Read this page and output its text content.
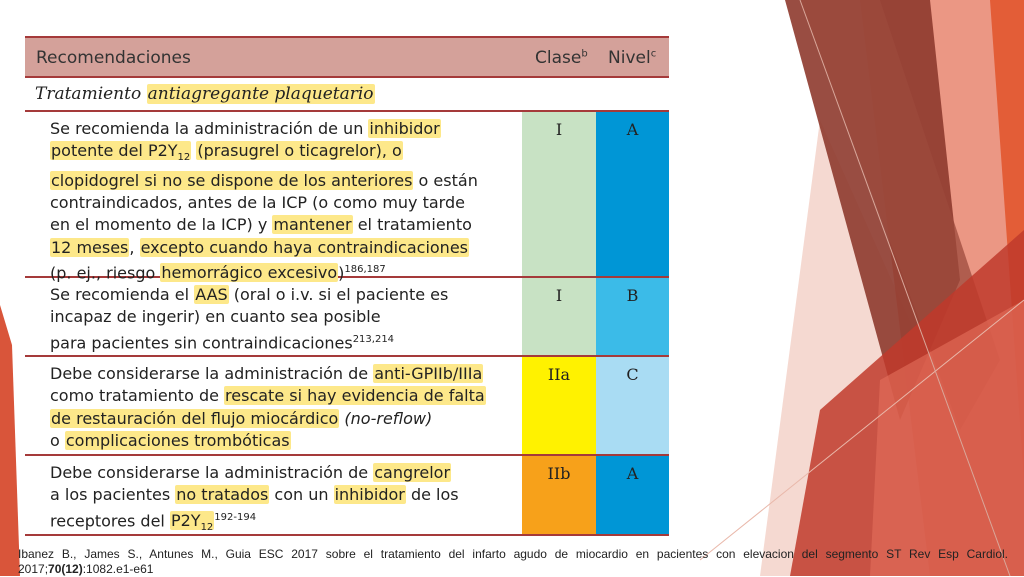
Recomendaciones	Clase$^b$ Nivel$^c$
Tratamiento antiagregante plaquetario
Se recomienda la administración de un inhibidor
potente del $P2Y_{12}$ (prasugrel o ticagrelor), o
clopidogrel si no se dispone de los anteriores o están
contraindicados, antes de la ICP (o como muy tarde
en el momento de la ICP) y mantener el tratamiento
12 meses, excepto cuando haya contraindicaciones
(p. ej., riesgo hemorrágico excesivo)$^{186,187}$
I	A
Se recomienda el AAS (oral o i.v. si el paciente es
incapaz de ingerir) en cuanto sea posible
para pacientes sin contraindicaciones$^{213,214}$
I	B
Debe considerarse la administración de anti-GPIIb/IIIa
como tratamiento de rescate si hay evidencia de falta
de restauración del flujo miocárdico (no-reflow)
o complicaciones trombóticas
IIa	C
Debe considerarse la administración de cangrelor
a los pacientes no tratados con un inhibidor de los
receptores del $P2Y_{12}^{192-194}$
IIb	A
Ibanez B., James S., Antunes M., Guia ESC 2017 sobre el tratamiento del infarto agudo de miocardio en pacientes con elevacion del segmento ST Rev Esp Cardiol. 2017;70(12):1082.e1-e61
